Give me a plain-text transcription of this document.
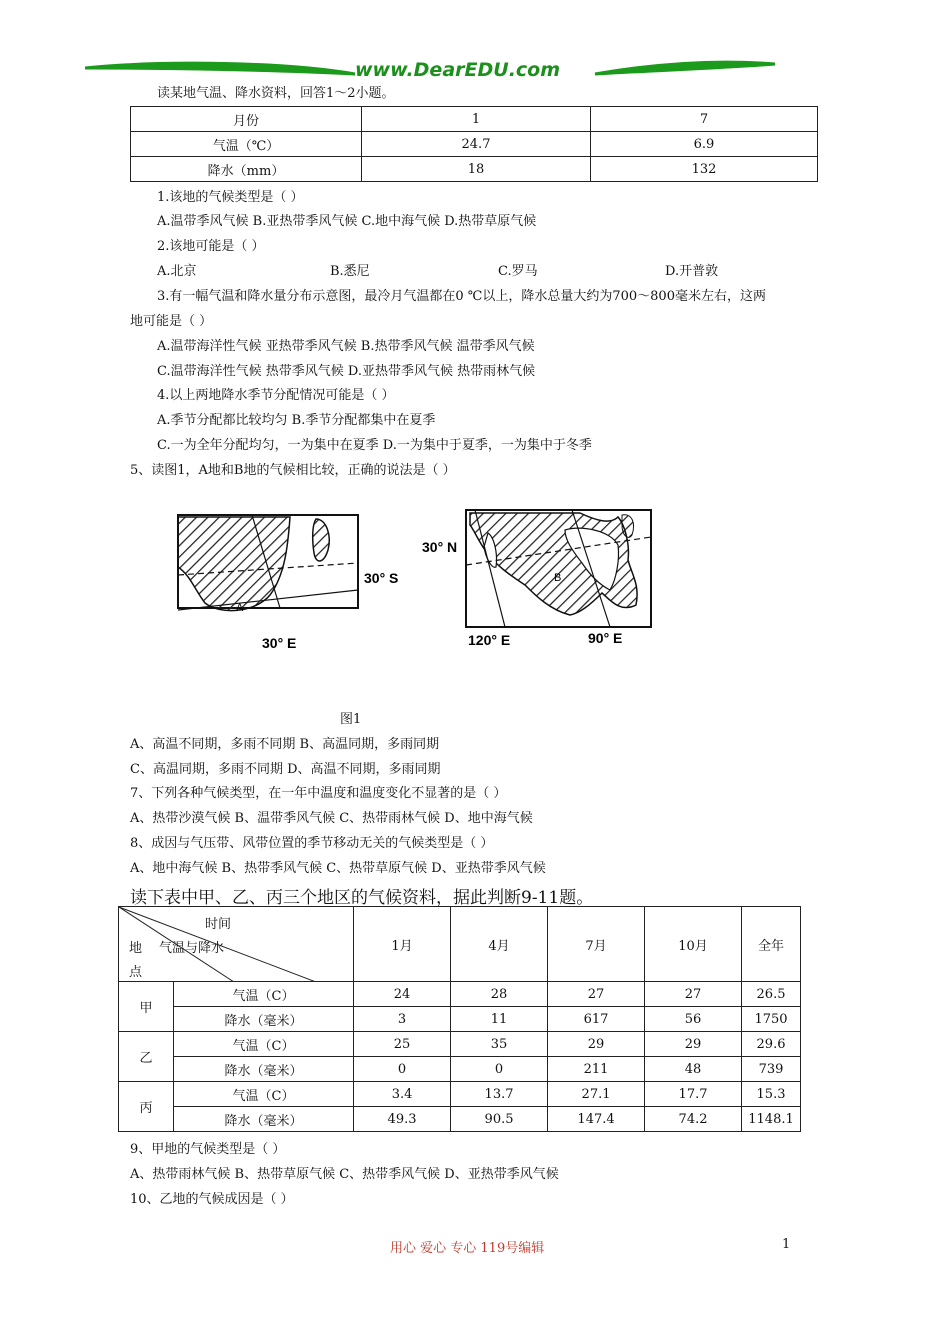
www.DearEDU.com
读某地气温、降水资料，回答1～2小题。
月份	1	7
气温（℃）	24.7	6.9
降水（mm）	18	132
1.该地的气候类型是（ ）
A.温带季风气候 B.亚热带季风气候 C.地中海气候 D.热带草原气候
2.该地可能是（ ）
A.北京	B.悉尼	C.罗马	D.开普敦
3.有一幅气温和降水量分布示意图，最冷月气温都在0 ℃以上，降水总量大约为700～800毫米左右，这两
地可能是（ ）
A.温带海洋性气候 亚热带季风气候 B.热带季风气候 温带季风气候
C.温带海洋性气候 热带季风气候 D.亚热带季风气候 热带雨林气候
4.以上两地降水季节分配情况可能是（ ）
A.季节分配都比较均匀 B.季节分配都集中在夏季
C.一为全年分配均匀，一为集中在夏季 D.一为集中于夏季，一为集中于冬季
5、读图1，A地和B地的气候相比较，正确的说法是（ ）
A
30° S
30° E
B
30° N
120° E	90° E
图1
A、高温不同期，多雨不同期 B、高温同期，多雨同期
C、高温同期，多雨不同期 D、高温不同期，多雨同期
7、下列各种气候类型，在一年中温度和温度变化不显著的是（ ）
A、热带沙漠气候 B、温带季风气候 C、热带雨林气候 D、地中海气候
8、成因与气压带、风带位置的季节移动无关的气候类型是（ ）
A、地中海气候 B、热带季风气候 C、热带草原气候 D、亚热带季风气候
读下表中甲、乙、丙三个地区的气候资料，据此判断9-11题。
时间
气温与降水
地
点		1月	4月	7月	10月	全年
甲	气温（C）	24	28	27	27	26.5
	降水（毫米）	3	11	617	56	1750
乙	气温（C）	25	35	29	29	29.6
	降水（毫米）	0	0	211	48	739
丙	气温（C）	3.4	13.7	27.1	17.7	15.3
	降水（毫米）	49.3	90.5	147.4	74.2	1148.1
9、甲地的气候类型是（ ）
A、热带雨林气候 B、热带草原气候 C、热带季风气候 D、亚热带季风气候
10、乙地的气候成因是（ ）
用心 爱心 专心 119号编辑	1
